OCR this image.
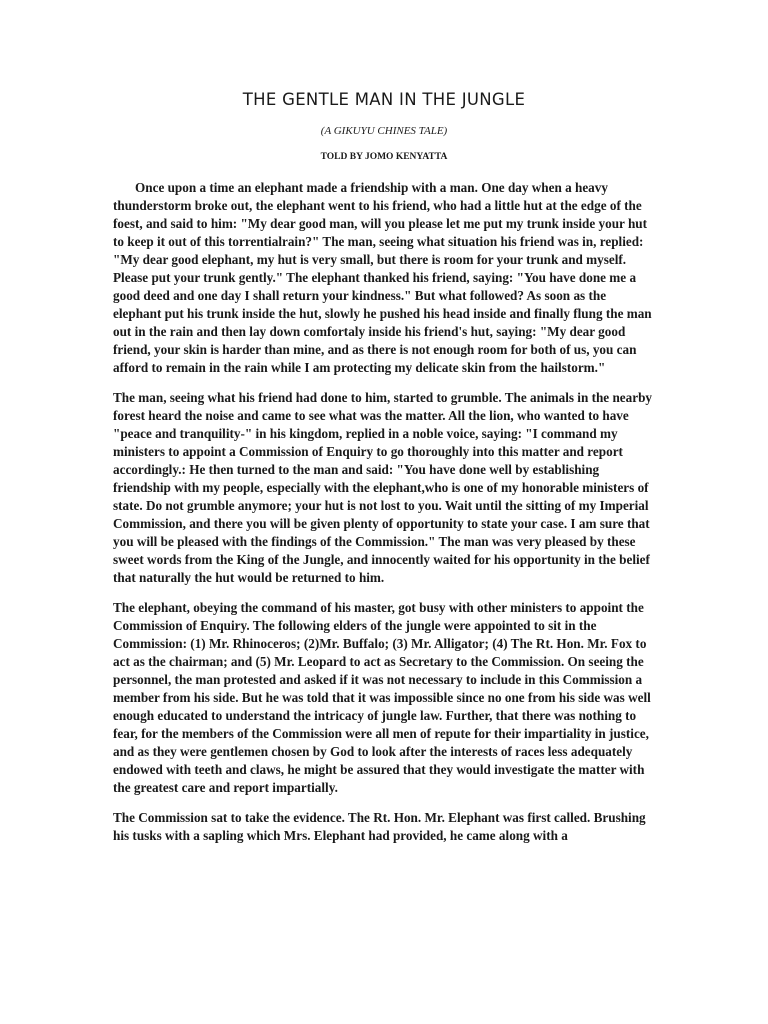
THE GENTLE MAN IN THE JUNGLE
(A GIKUYU CHINES TALE)
TOLD BY JOMO KENYATTA

Once upon a time an elephant made a friendship with a man. One day when a heavy thunderstorm broke out, the elephant went to his friend, who had a little hut at the edge of the foest, and said to him: "My dear good man, will you please let me put my trunk inside your hut to keep it out of this torrentialrain?" The man, seeing what situation his friend was in, replied: "My dear good elephant, my hut is very small, but there is room for your trunk and myself. Please put your trunk gently." The elephant thanked his friend, saying: "You have done me a good deed and one day I shall return your kindness." But what followed? As soon as the elephant put his trunk inside the hut, slowly he pushed his head inside and finally flung the man out in the rain and then lay down comfortaly inside his friend's hut, saying: "My dear good friend, your skin is harder than mine, and as there is not enough room for both of us, you can afford to remain in the rain while I am protecting my delicate skin from the hailstorm."

The man, seeing what his friend had done to him, started to grumble. The animals in the nearby forest heard the noise and came to see what was the matter. All the lion, who wanted to have "peace and tranquility-" in his kingdom, replied in a noble voice, saying: "I command my ministers to appoint a Commission of Enquiry to go thoroughly into this matter and report accordingly.: He then turned to the man and said: "You have done well by establishing friendship with my people, especially with the elephant,who is one of my honorable ministers of state. Do not grumble anymore; your hut is not lost to you. Wait until the sitting of my Imperial Commission, and there you will be given plenty of opportunity to state your case. I am sure that you will be pleased with the findings of the Commission." The man was very pleased by these sweet words from the King of the Jungle, and innocently waited for his opportunity in the belief that naturally the hut would be returned to him.

The elephant, obeying the command of his master, got busy with other ministers to appoint the Commission of Enquiry. The following elders of the jungle were appointed to sit in the Commission: (1) Mr. Rhinoceros; (2)Mr. Buffalo; (3) Mr. Alligator; (4) The Rt. Hon. Mr. Fox to act as the chairman; and (5) Mr. Leopard to act as Secretary to the Commission. On seeing the personnel, the man protested and asked if it was not necessary to include in this Commission a member from his side. But he was told that it was impossible since no one from his side was well enough educated to understand the intricacy of jungle law. Further, that there was nothing to fear, for the members of the Commission were all men of repute for their impartiality in justice, and as they were gentlemen chosen by God to look after the interests of races less adequately endowed with teeth and claws, he might be assured that they would investigate the matter with the greatest care and report impartially.

The Commission sat to take the evidence. The Rt. Hon. Mr. Elephant was first called. Brushing his tusks with a sapling which Mrs. Elephant had provided, he came along with a
